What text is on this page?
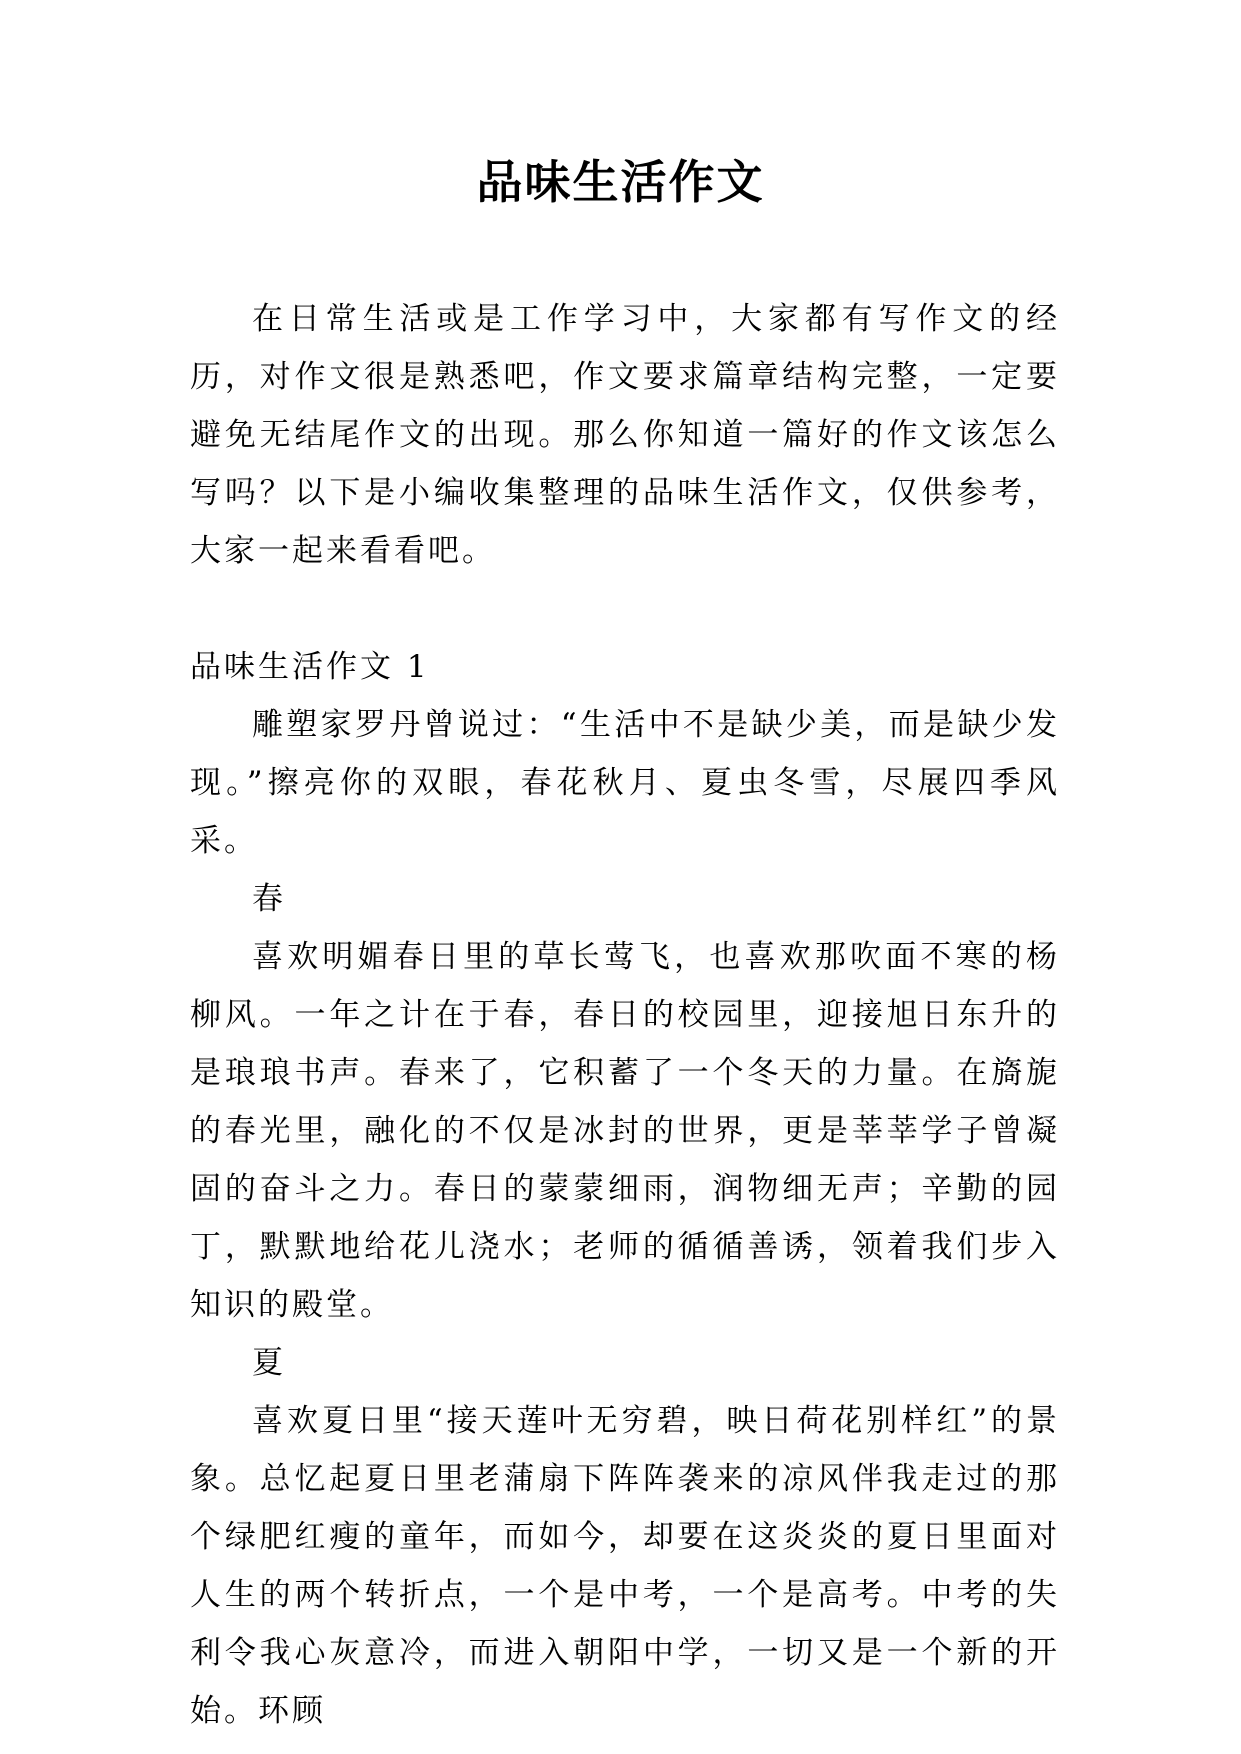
品味生活作文

在日常生活或是工作学习中，大家都有写作文的经历，对作文很是熟悉吧，作文要求篇章结构完整，一定要避免无结尾作文的出现。那么你知道一篇好的作文该怎么写吗？以下是小编收集整理的品味生活作文，仅供参考，大家一起来看看吧。

品味生活作文 1

雕塑家罗丹曾说过：“生活中不是缺少美，而是缺少发现。”擦亮你的双眼，春花秋月、夏虫冬雪，尽展四季风采。

春

喜欢明媚春日里的草长莺飞，也喜欢那吹面不寒的杨柳风。一年之计在于春，春日的校园里，迎接旭日东升的是琅琅书声。春来了，它积蓄了一个冬天的力量。在旖旎的春光里，融化的不仅是冰封的世界，更是莘莘学子曾凝固的奋斗之力。春日的蒙蒙细雨，润物细无声；辛勤的园丁，默默地给花儿浇水；老师的循循善诱，领着我们步入知识的殿堂。

夏

喜欢夏日里“接天莲叶无穷碧，映日荷花别样红”的景象。总忆起夏日里老蒲扇下阵阵袭来的凉风伴我走过的那个绿肥红瘦的童年，而如今，却要在这炎炎的夏日里面对人生的两个转折点，一个是中考，一个是高考。中考的失利令我心灰意冷，而进入朝阳中学，一切又是一个新的开始。环顾
